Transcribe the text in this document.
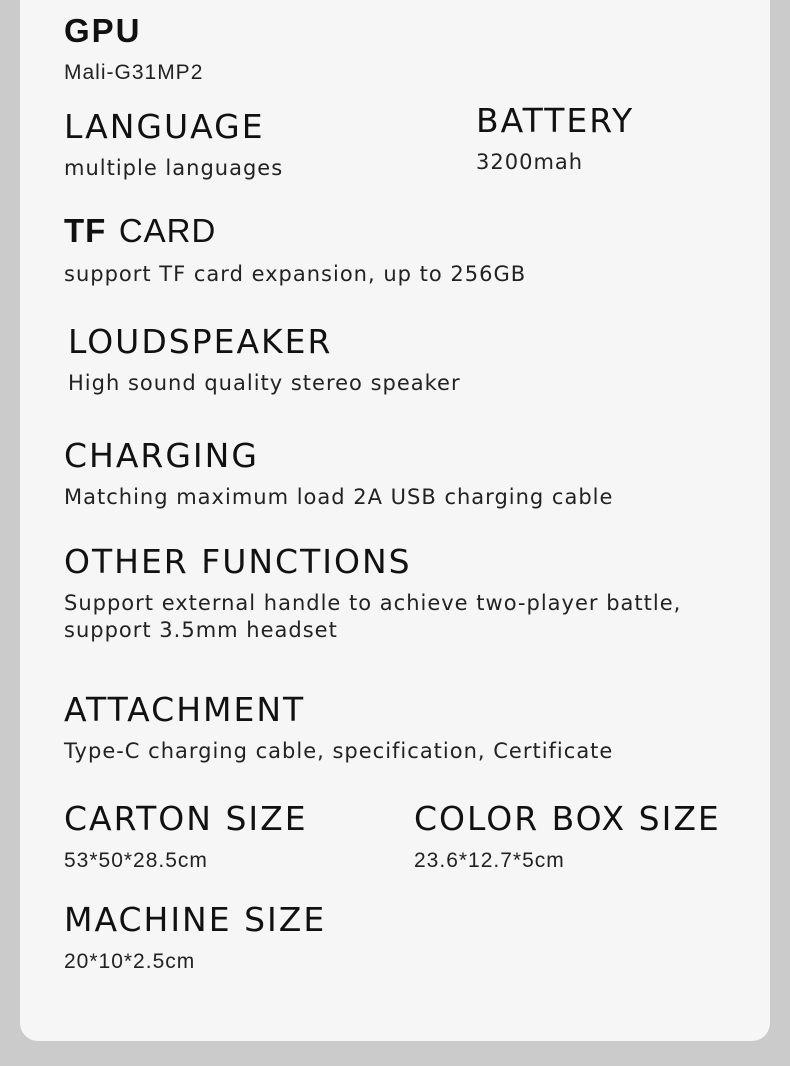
GPU
Mali-G31MP2
LANGUAGE
multiple languages
BATTERY
3200mah
TF CARD
support TF card expansion, up to 256GB
LOUDSPEAKER
High sound quality stereo speaker
CHARGING
Matching maximum load 2A USB charging cable
OTHER FUNCTIONS
Support external handle to achieve two-player battle,
support 3.5mm headset
ATTACHMENT
Type-C charging cable, specification, Certificate
CARTON SIZE
53*50*28.5cm
COLOR BOX SIZE
23.6*12.7*5cm
MACHINE SIZE
20*10*2.5cm
